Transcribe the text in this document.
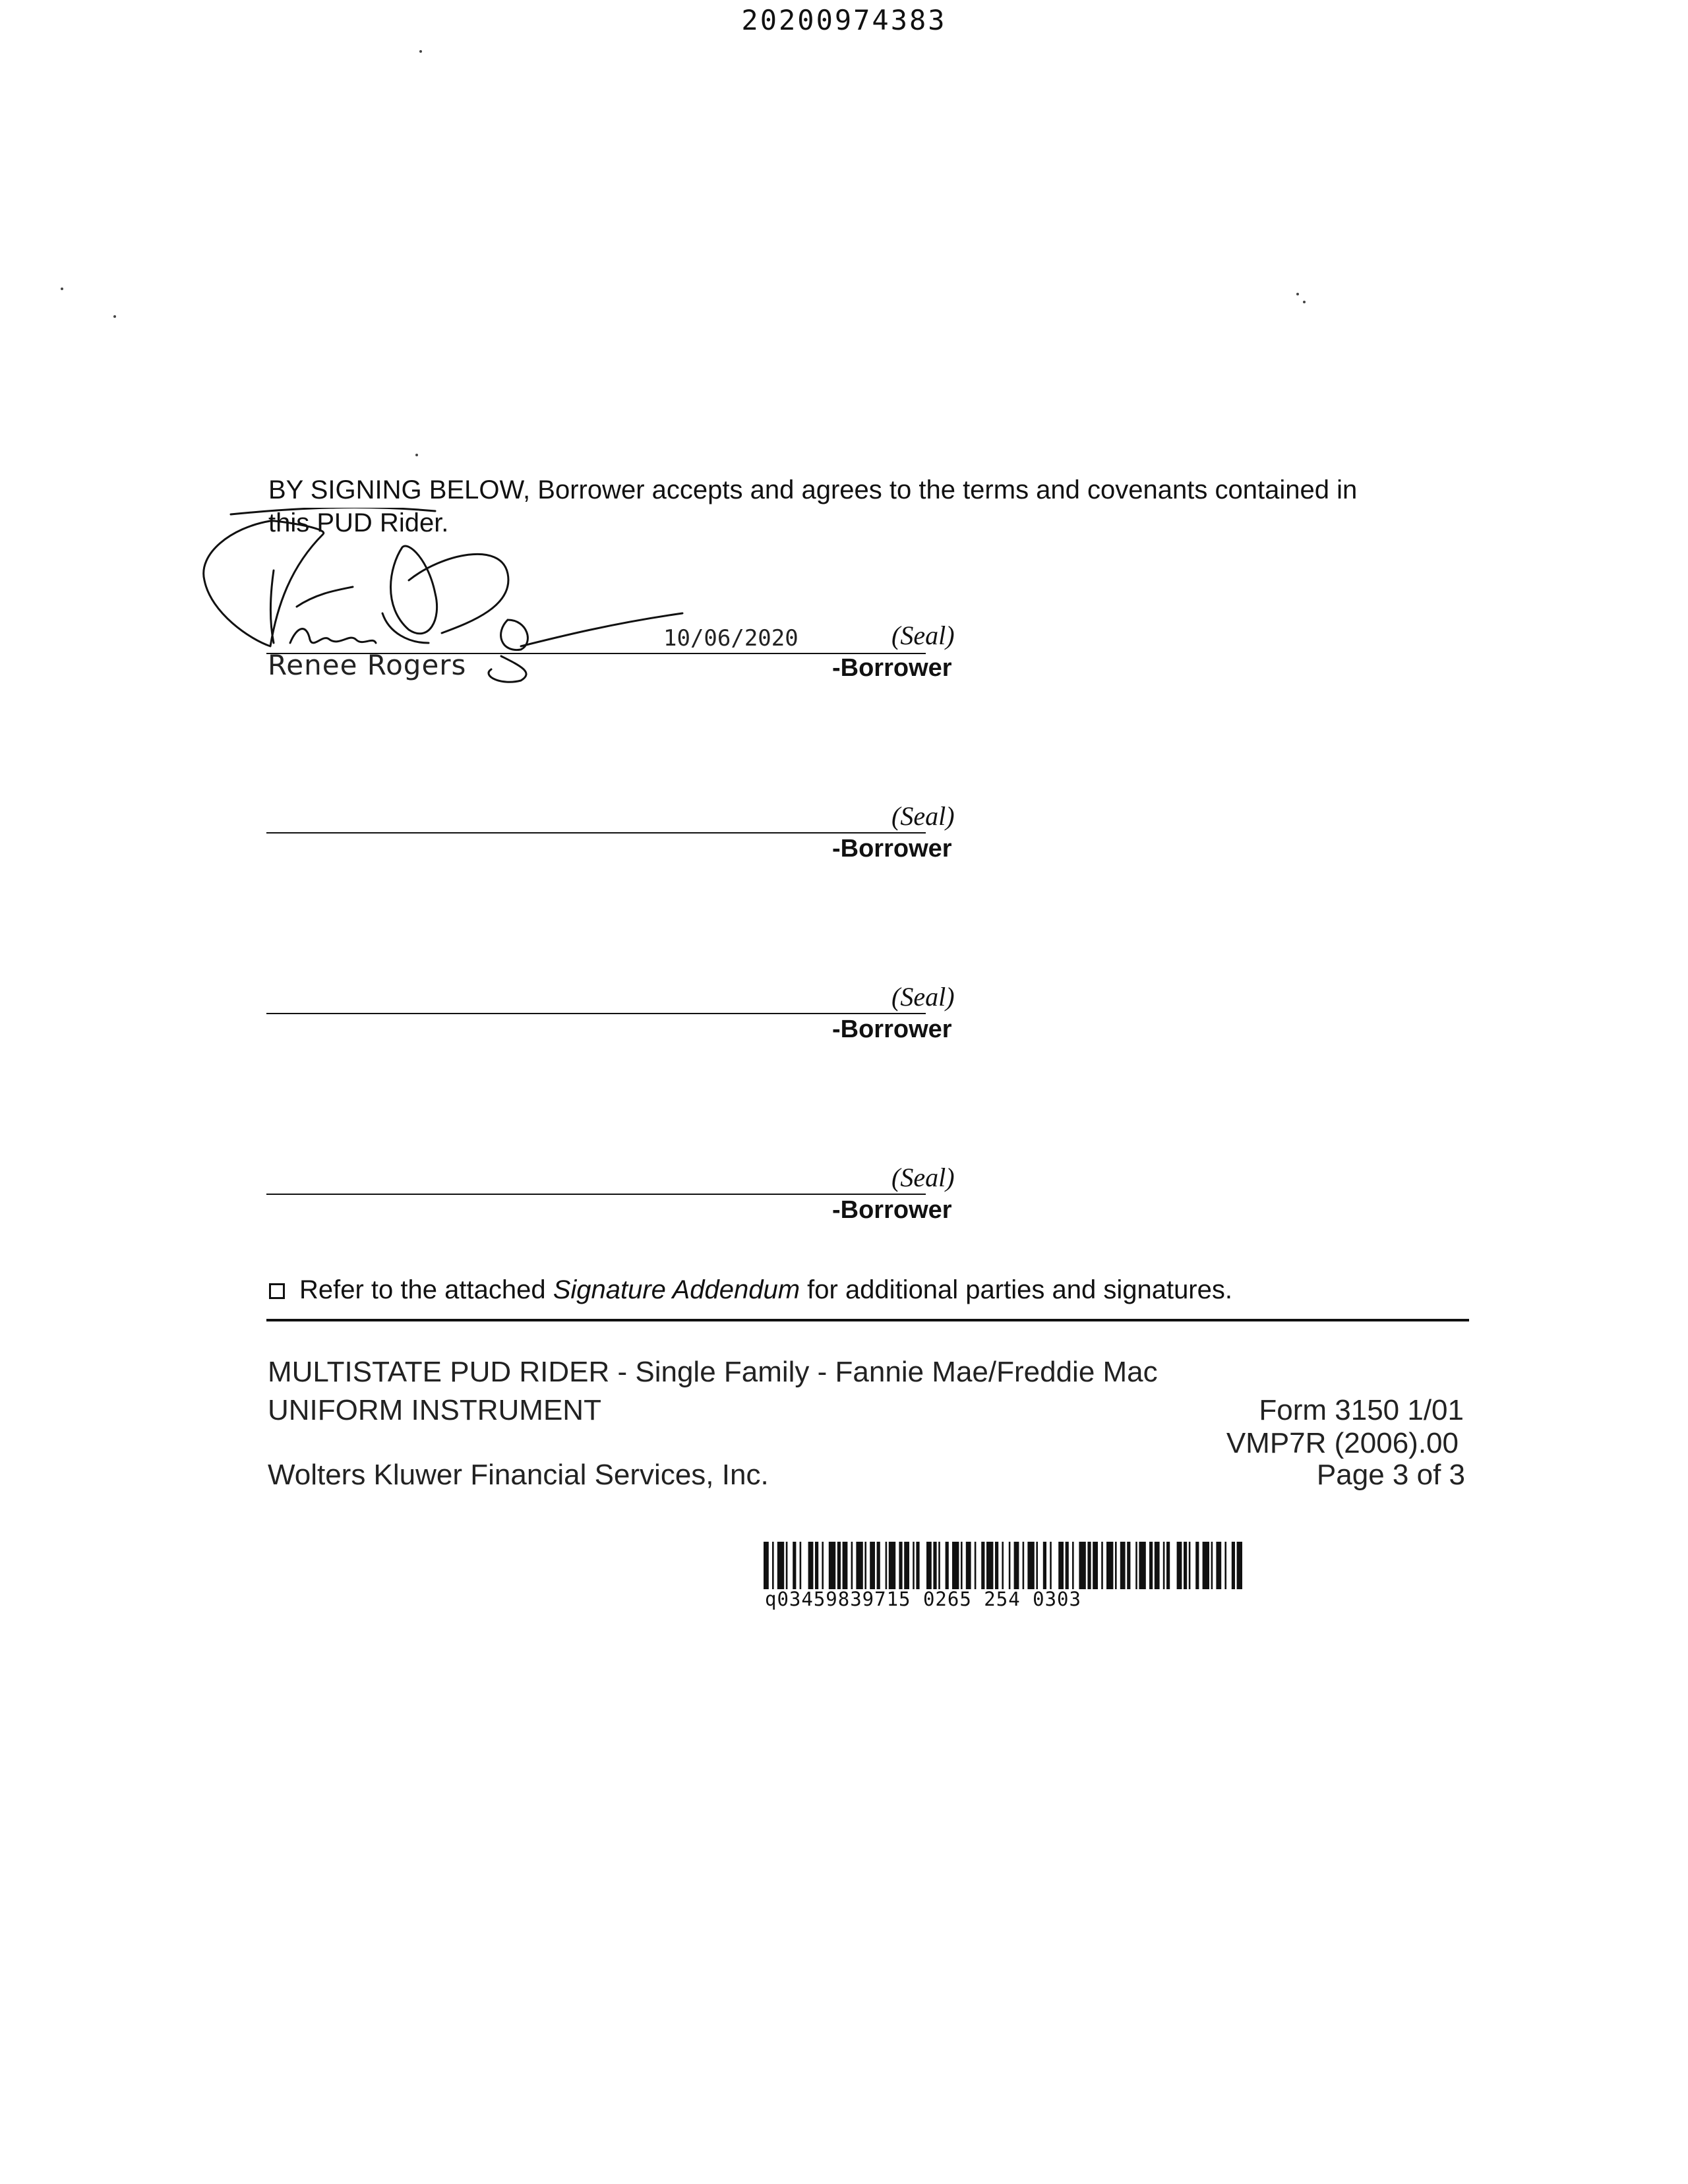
20200974383
BY SIGNING BELOW, Borrower accepts and agrees to the terms and covenants contained in
this PUD Rider.
10/06/2020	(Seal)
Renee Rogers	-Borrower
(Seal)
-Borrower
(Seal)
-Borrower
(Seal)
-Borrower
Refer to the attached Signature Addendum for additional parties and signatures.
MULTISTATE PUD RIDER - Single Family - Fannie Mae/Freddie Mac
UNIFORM INSTRUMENT	Form 3150 1/01
VMP7R (2006).00
Wolters Kluwer Financial Services, Inc.	Page 3 of 3
q03459839715 0265 254 0303
